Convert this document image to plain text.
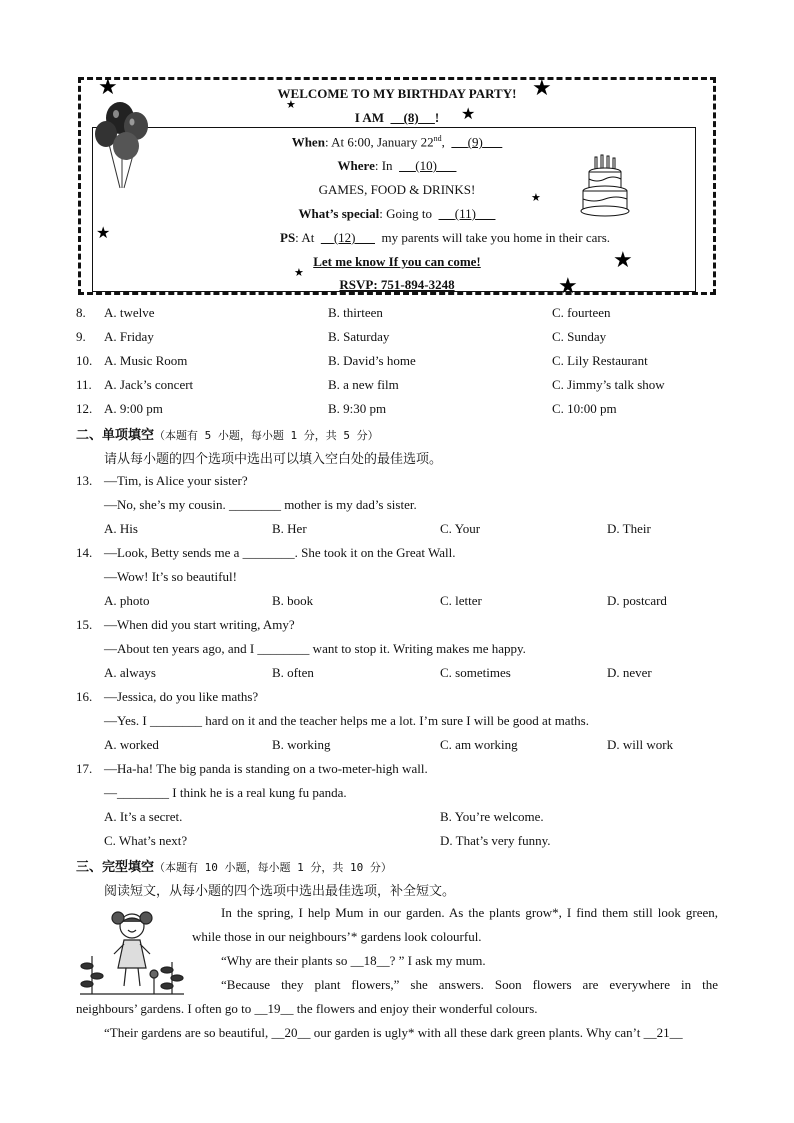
★
★
★
★
★
★
★
★	★
WELCOME TO MY BIRTHDAY PARTY!
I AM (8) !
When: At 6:00, January 22nd,       (9)
Where: In (10)
GAMES, FOOD & DRINKS!
What’s special: Going to (11)
PS: At (12) my parents will take you home in their cars.
Let me know If you can come!
RSVP: 751-894-3248
8. A. twelve	B. thirteen	C. fourteen
9. A. Friday	B. Saturday	C. Sunday
10. A. Music Room	B. David’s home	C. Lily Restaurant
11. A. Jack’s concert	B. a new film	C. Jimmy’s talk show
12. A. 9:00 pm	B. 9:30 pm	C. 10:00 pm
二、单项填空（本题有 5 小题，每小题 1 分，共 5 分）
请从每小题的四个选项中选出可以填入空白处的最佳选项。
13. —Tim, is Alice your sister?
—No, she’s my cousin. ________ mother is my dad’s sister.
A. His	B. Her	C. Your	D. Their
14. —Look, Betty sends me a ________. She took it on the Great Wall.
—Wow! It’s so beautiful!
A. photo	B. book	C. letter	D. postcard
15. —When did you start writing, Amy?
—About ten years ago, and I ________ want to stop it. Writing makes me happy.
A. always	B. often	C. sometimes	D. never
16. —Jessica, do you like maths?
—Yes. I ________ hard on it and the teacher helps me a lot. I’m sure I will be good at maths.
A. worked	B. working	C. am working	D. will work
17. —Ha-ha! The big panda is standing on a two-meter-high wall.
—________ I think he is a real kung fu panda.
A. It’s a secret.	B. You’re welcome.
C. What’s next?	D. That’s very funny.
三、完型填空（本题有 10 小题，每小题 1 分，共 10 分）
阅读短文，从每小题的四个选项中选出最佳选项，补全短文。
In the spring, I help Mum in our garden. As the plants grow*, I find them still look green,
while those in our neighbours’* gardens look colourful.
“Why are their plants so __18__? ” I ask my mum.
“Because  they  plant  flowers,”  she  answers.  Soon  flowers  are  everywhere  in  the
neighbours’ gardens. I often go to __19__ the flowers and enjoy their wonderful colours.
“Their gardens are so beautiful, __20__ our garden is ugly* with all these dark green plants. Why can’t __21__
